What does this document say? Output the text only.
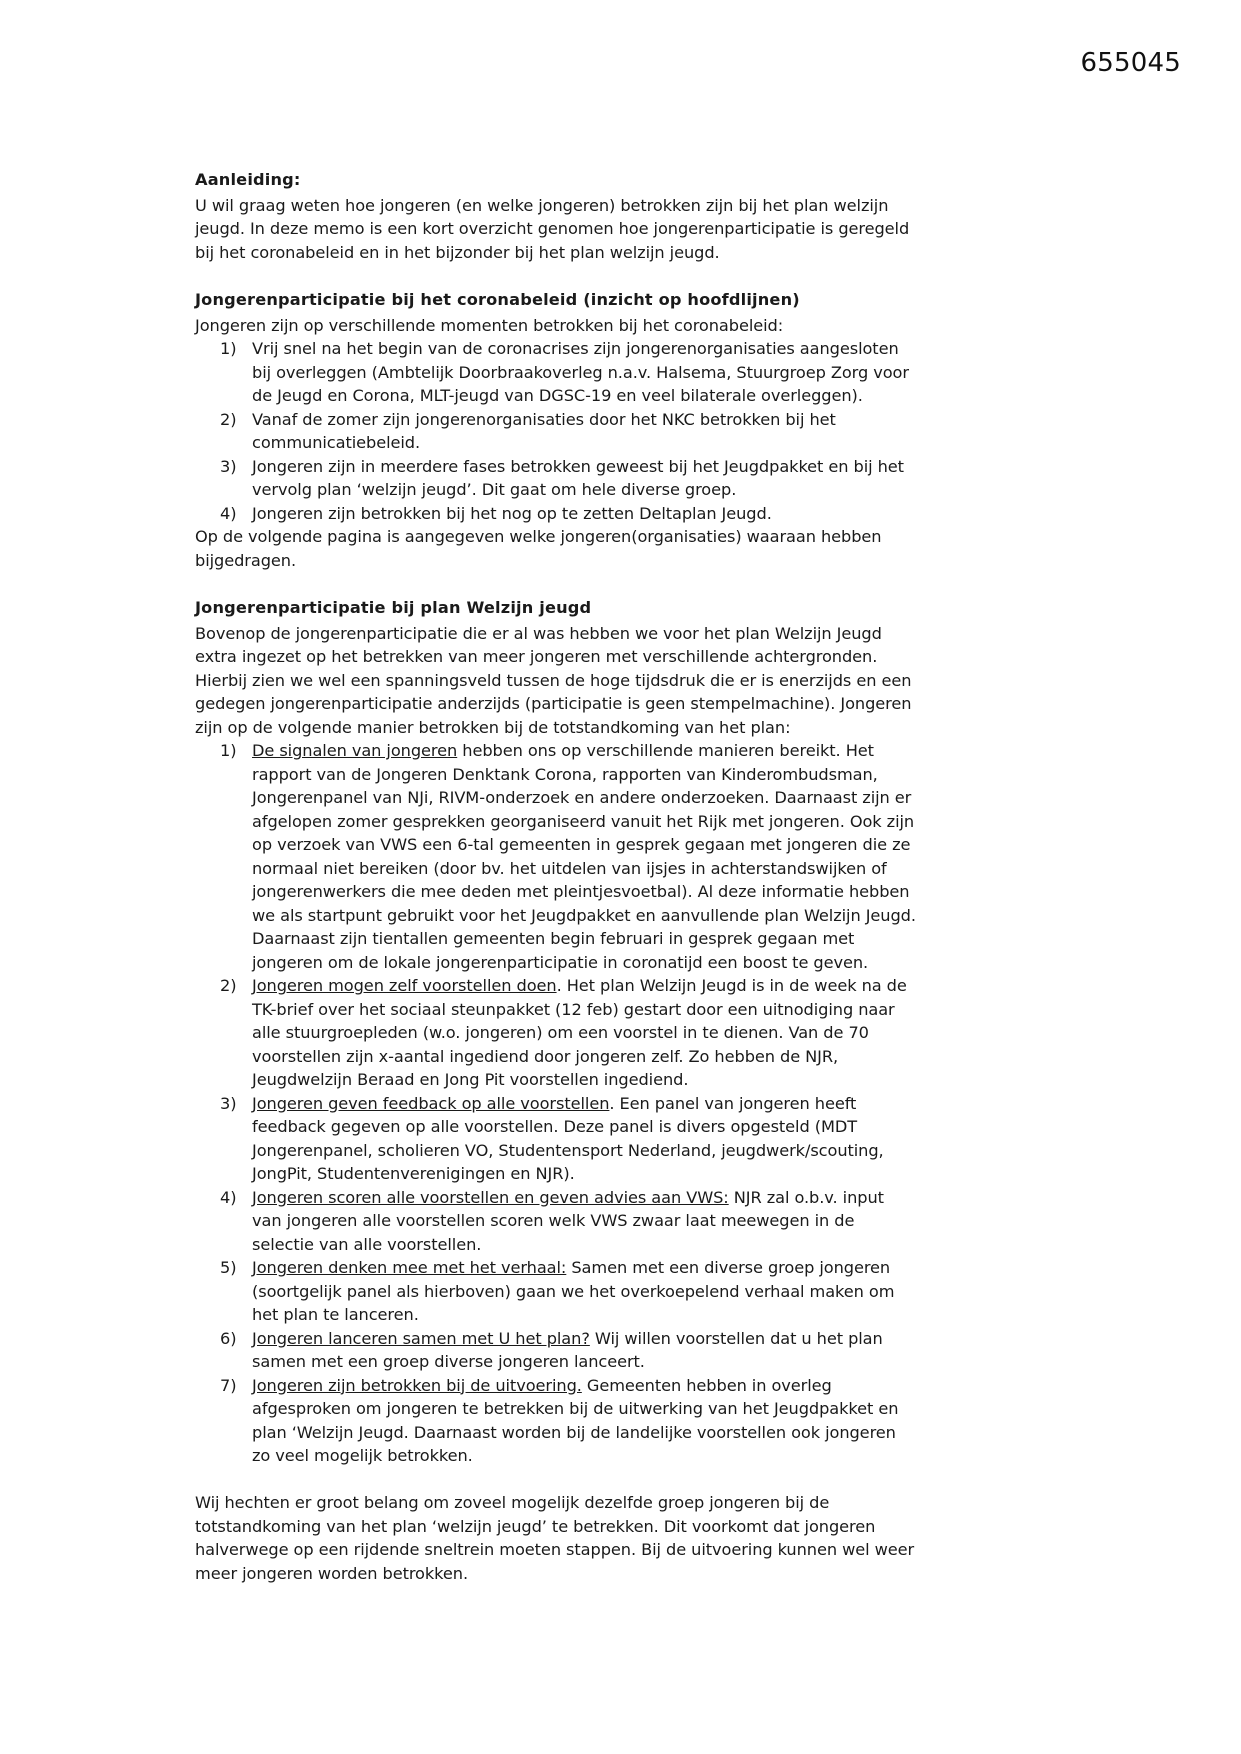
655045
Aanleiding:

U wil graag weten hoe jongeren (en welke jongeren) betrokken zijn bij het plan welzijn jeugd. In deze memo is een kort overzicht genomen hoe jongerenparticipatie is geregeld bij het coronabeleid en in het bijzonder bij het plan welzijn jeugd.

Jongerenparticipatie bij het coronabeleid (inzicht op hoofdlijnen)

Jongeren zijn op verschillende momenten betrokken bij het coronabeleid:

1) Vrij snel na het begin van de coronacrises zijn jongerenorganisaties aangesloten bij overleggen (Ambtelijk Doorbraakoverleg n.a.v. Halsema, Stuurgroep Zorg voor de Jeugd en Corona, MLT-jeugd van DGSC-19 en veel bilaterale overleggen).
2) Vanaf de zomer zijn jongerenorganisaties door het NKC betrokken bij het communicatiebeleid.
3) Jongeren zijn in meerdere fases betrokken geweest bij het Jeugdpakket en bij het vervolg plan ‘welzijn jeugd’. Dit gaat om hele diverse groep.
4) Jongeren zijn betrokken bij het nog op te zetten Deltaplan Jeugd.

Op de volgende pagina is aangegeven welke jongeren(organisaties) waaraan hebben bijgedragen.

Jongerenparticipatie bij plan Welzijn jeugd

Bovenop de jongerenparticipatie die er al was hebben we voor het plan Welzijn Jeugd extra ingezet op het betrekken van meer jongeren met verschillende achtergronden. Hierbij zien we wel een spanningsveld tussen de hoge tijdsdruk die er is enerzijds en een gedegen jongerenparticipatie anderzijds (participatie is geen stempelmachine). Jongeren zijn op de volgende manier betrokken bij de totstandkoming van het plan:

1) De signalen van jongeren hebben ons op verschillende manieren bereikt. Het rapport van de Jongeren Denktank Corona, rapporten van Kinderombudsman, Jongerenpanel van NJi, RIVM-onderzoek en andere onderzoeken. Daarnaast zijn er afgelopen zomer gesprekken georganiseerd vanuit het Rijk met jongeren. Ook zijn op verzoek van VWS een 6-tal gemeenten in gesprek gegaan met jongeren die ze normaal niet bereiken (door bv. het uitdelen van ijsjes in achterstandswijken of jongerenwerkers die mee deden met pleintjesvoetbal). Al deze informatie hebben we als startpunt gebruikt voor het Jeugdpakket en aanvullende plan Welzijn Jeugd. Daarnaast zijn tientallen gemeenten begin februari in gesprek gegaan met jongeren om de lokale jongerenparticipatie in coronatijd een boost te geven.
2) Jongeren mogen zelf voorstellen doen. Het plan Welzijn Jeugd is in de week na de TK-brief over het sociaal steunpakket (12 feb) gestart door een uitnodiging naar alle stuurgroepleden (w.o. jongeren) om een voorstel in te dienen. Van de 70 voorstellen zijn x-aantal ingediend door jongeren zelf. Zo hebben de NJR, Jeugdwelzijn Beraad en Jong Pit voorstellen ingediend.
3) Jongeren geven feedback op alle voorstellen. Een panel van jongeren heeft feedback gegeven op alle voorstellen. Deze panel is divers opgesteld (MDT Jongerenpanel, scholieren VO, Studentensport Nederland, jeugdwerk/scouting, JongPit, Studentenverenigingen en NJR).
4) Jongeren scoren alle voorstellen en geven advies aan VWS: NJR zal o.b.v. input van jongeren alle voorstellen scoren welk VWS zwaar laat meewegen in de selectie van alle voorstellen.
5) Jongeren denken mee met het verhaal: Samen met een diverse groep jongeren (soortgelijk panel als hierboven) gaan we het overkoepelend verhaal maken om het plan te lanceren.
6) Jongeren lanceren samen met U het plan? Wij willen voorstellen dat u het plan samen met een groep diverse jongeren lanceert.
7) Jongeren zijn betrokken bij de uitvoering. Gemeenten hebben in overleg afgesproken om jongeren te betrekken bij de uitwerking van het Jeugdpakket en plan ‘Welzijn Jeugd. Daarnaast worden bij de landelijke voorstellen ook jongeren zo veel mogelijk betrokken.

Wij hechten er groot belang om zoveel mogelijk dezelfde groep jongeren bij de totstandkoming van het plan ‘welzijn jeugd’ te betrekken. Dit voorkomt dat jongeren halverwege op een rijdende sneltrein moeten stappen. Bij de uitvoering kunnen wel weer meer jongeren worden betrokken.
